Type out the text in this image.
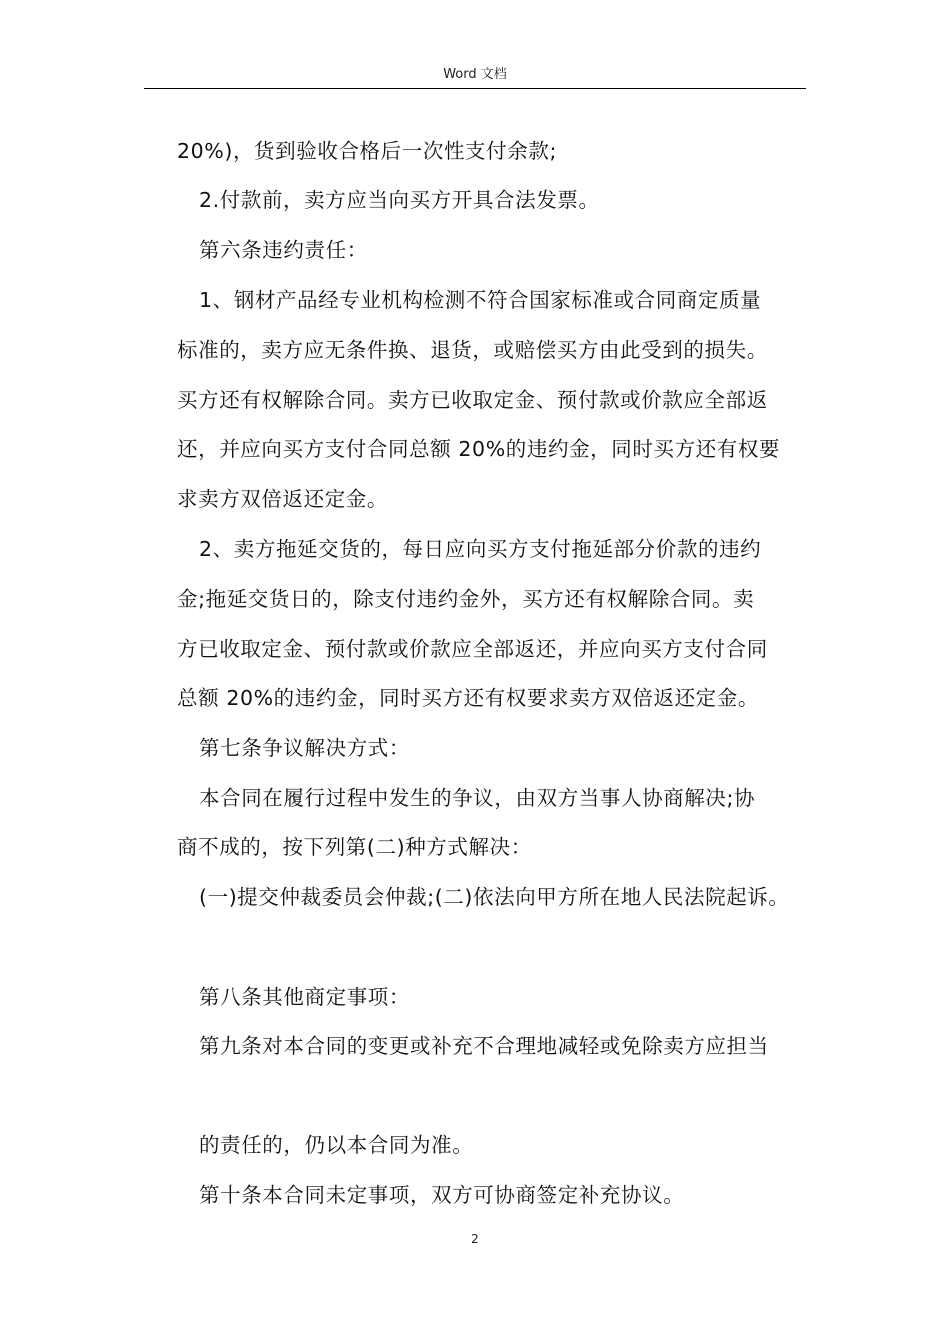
Word 文档
20%)，货到验收合格后一次性支付余款;
2.付款前，卖方应当向买方开具合法发票。
第六条违约责任：
1、钢材产品经专业机构检测不符合国家标准或合同商定质量
标准的，卖方应无条件换、退货，或赔偿买方由此受到的损失。
买方还有权解除合同。卖方已收取定金、预付款或价款应全部返
还，并应向买方支付合同总额 20%的违约金，同时买方还有权要
求卖方双倍返还定金。
2、卖方拖延交货的，每日应向买方支付拖延部分价款的违约
金;拖延交货日的，除支付违约金外，买方还有权解除合同。卖
方已收取定金、预付款或价款应全部返还，并应向买方支付合同
总额 20%的违约金，同时买方还有权要求卖方双倍返还定金。
第七条争议解决方式：
本合同在履行过程中发生的争议，由双方当事人协商解决;协
商不成的，按下列第(二)种方式解决：
(一)提交仲裁委员会仲裁;(二)依法向甲方所在地人民法院起诉。
第八条其他商定事项：
第九条对本合同的变更或补充不合理地减轻或免除卖方应担当
的责任的，仍以本合同为准。
第十条本合同未定事项，双方可协商签定补充协议。
2
